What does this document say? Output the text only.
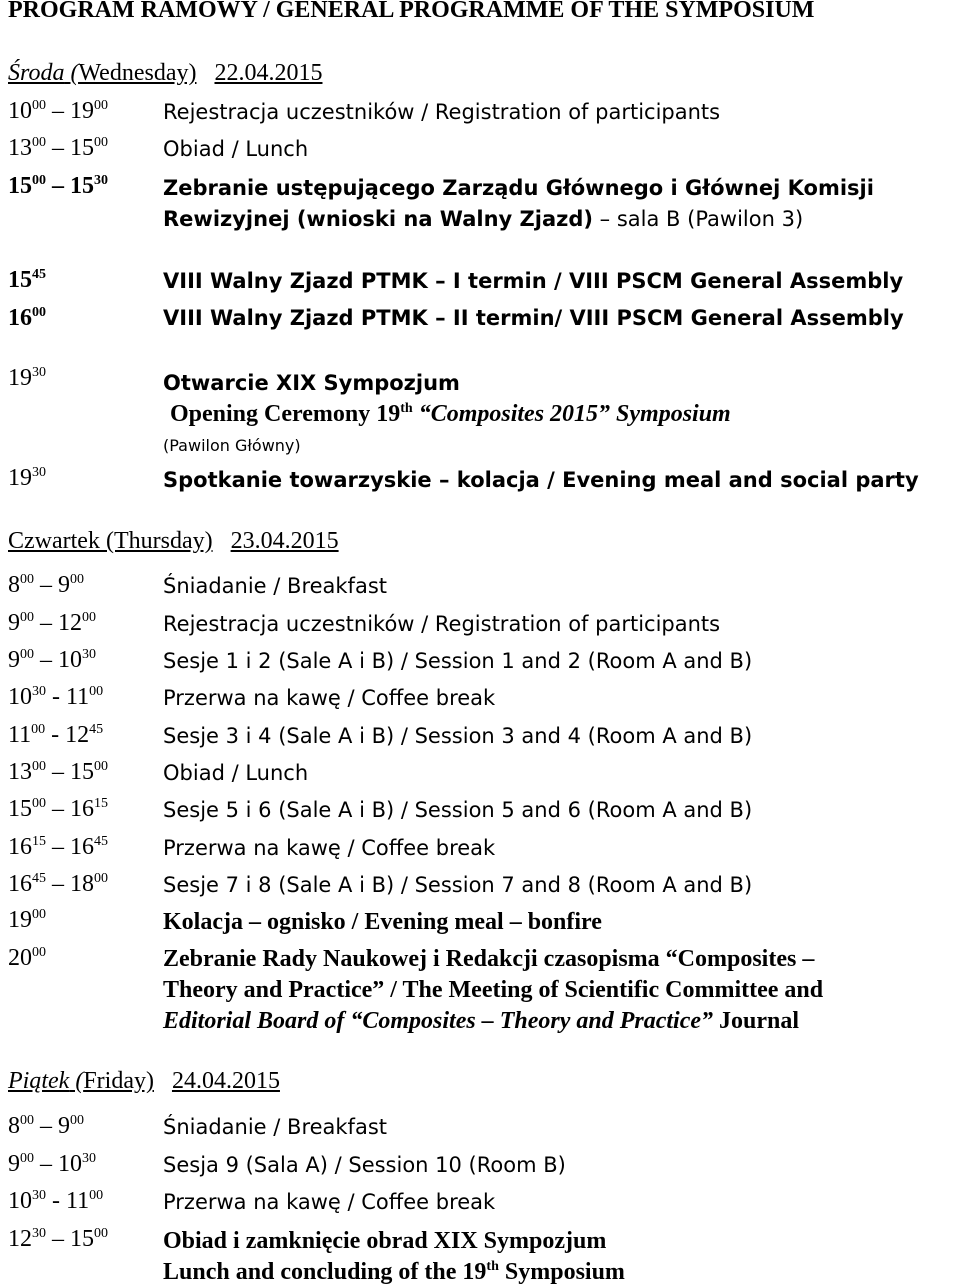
PROGRAM RAMOWY / GENERAL PROGRAMME OF THE SYMPOSIUM
Środa (Wednesday) 22.04.2015
$10^{00} - 19^{00}$	Rejestracja uczestników / Registration of participants
$13^{00} - 15^{00}$	Obiad / Lunch
$15^{00} - 15^{30}$	Zebranie ustępującego Zarządu Głównego i Głównej Komisji
Rewizyjnej (wnioski na Walny Zjazd) – sala B (Pawilon 3)
$15^{45}$	VIII Walny Zjazd PTMK – I termin / VIII PSCM General Assembly
$16^{00}$	VIII Walny Zjazd PTMK – II termin/ VIII PSCM General Assembly
$19^{30}$	Otwarcie XIX Sympozjum
Opening Ceremony 19th “Composites 2015” Symposium
(Pawilon Główny)
$19^{30}$	Spotkanie towarzyskie – kolacja / Evening meal and social party
Czwartek (Thursday) 23.04.2015
$8^{00} - 9^{00}$	Śniadanie / Breakfast
$9^{00} - 12^{00}$	Rejestracja uczestników / Registration of participants
$9^{00} - 10^{30}$	Sesje 1 i 2 (Sale A i B) / Session 1 and 2 (Room A and B)
$10^{30} - 11^{00}$	Przerwa na kawę / Coffee break
$11^{00} - 12^{45}$	Sesje 3 i 4 (Sale A i B) / Session 3 and 4 (Room A and B)
$13^{00} - 15^{00}$	Obiad / Lunch
$15^{00} - 16^{15}$	Sesje 5 i 6 (Sale A i B) / Session 5 and 6 (Room A and B)
$16^{15} - 16^{45}$	Przerwa na kawę / Coffee break
$16^{45} - 18^{00}$	Sesje 7 i 8 (Sale A i B) / Session 7 and 8 (Room A and B)
$19^{00}$	Kolacja – ognisko / Evening meal – bonfire
$20^{00}$	Zebranie Rady Naukowej i Redakcji czasopisma “Composites –
Theory and Practice” / The Meeting of Scientific Committee and
Editorial Board of “Composites – Theory and Practice” Journal
Piątek (Friday) 24.04.2015
$8^{00} - 9^{00}$	Śniadanie / Breakfast
$9^{00} - 10^{30}$	Sesja 9 (Sala A) / Session 10 (Room B)
$10^{30} - 11^{00}$	Przerwa na kawę / Coffee break
$12^{30} - 15^{00}$ Obiad i zamknięcie obrad XIX Sympozjum
Lunch and concluding of the 19th Symposium
